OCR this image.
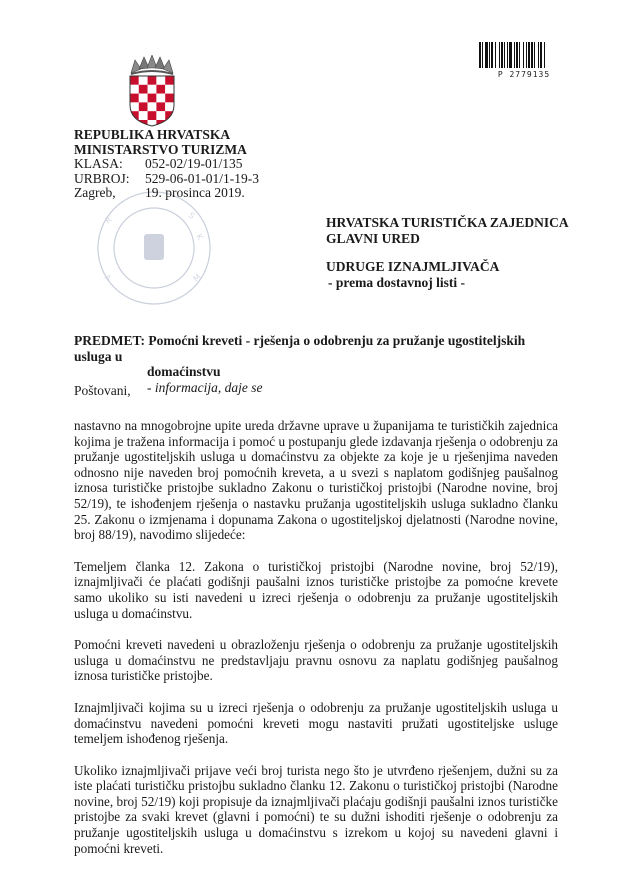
P 2779135
R	S
K
A	M
REPUBLIKA HRVATSKA
MINISTARSTVO TURIZMA
KLASA:	052-02/19-01/135
URBROJ:	529-06-01-01/1-19-3
Zagreb,	19. prosinca 2019.
HRVATSKA TURISTIČKA ZAJEDNICA
GLAVNI URED
UDRUGE IZNAJMLJIVAČA
- prema dostavnoj listi -
PREDMET: Pomoćni kreveti - rješenja o odobrenju za pružanje ugostiteljskih usluga u
domaćinstvu
- informacija, daje se
Poštovani,

nastavno na mnogobrojne upite ureda državne uprave u županijama te turističkih zajednica kojima je tražena informacija i pomoć u postupanju glede izdavanja rješenja o odobrenju za pružanje ugostiteljskih usluga u domaćinstvu za objekte za koje je u rješenjima naveden odnosno nije naveden broj pomoćnih kreveta, a u svezi s naplatom godišnjeg paušalnog iznosa turističke pristojbe sukladno Zakonu o turističkoj pristojbi (Narodne novine, broj 52/19), te ishođenjem rješenja o nastavku pružanja ugostiteljskih usluga sukladno članku 25. Zakonu o izmjenama i dopunama Zakona o ugostiteljskoj djelatnosti (Narodne novine, broj 88/19), navodimo slijedeće:

Temeljem članka 12. Zakona o turističkoj pristojbi (Narodne novine, broj 52/19), iznajmljivači će plaćati godišnji paušalni iznos turističke pristojbe za pomoćne krevete samo ukoliko su isti navedeni u izreci rješenja o odobrenju za pružanje ugostiteljskih usluga u domaćinstvu.

Pomoćni kreveti navedeni u obrazloženju rješenja o odobrenju za pružanje ugostiteljskih usluga u domaćinstvu ne predstavljaju pravnu osnovu za naplatu godišnjeg paušalnog iznosa turističke pristojbe.

Iznajmljivači kojima su u izreci rješenja o odobrenju za pružanje ugostiteljskih usluga u domaćinstvu navedeni pomoćni kreveti mogu nastaviti pružati ugostiteljske usluge temeljem ishođenog rješenja.

Ukoliko iznajmljivači prijave veći broj turista nego što je utvrđeno rješenjem, dužni su za iste plaćati turističku pristojbu sukladno članku 12. Zakonu o turističkoj pristojbi (Narodne novine, broj 52/19) koji propisuje da iznajmljivači plaćaju godišnji paušalni iznos turističke pristojbe za svaki krevet (glavni i pomoćni) te su dužni ishoditi rješenje o odobrenju za pružanje ugostiteljskih usluga u domaćinstvu s izrekom u kojoj su navedeni glavni i pomoćni kreveti.
